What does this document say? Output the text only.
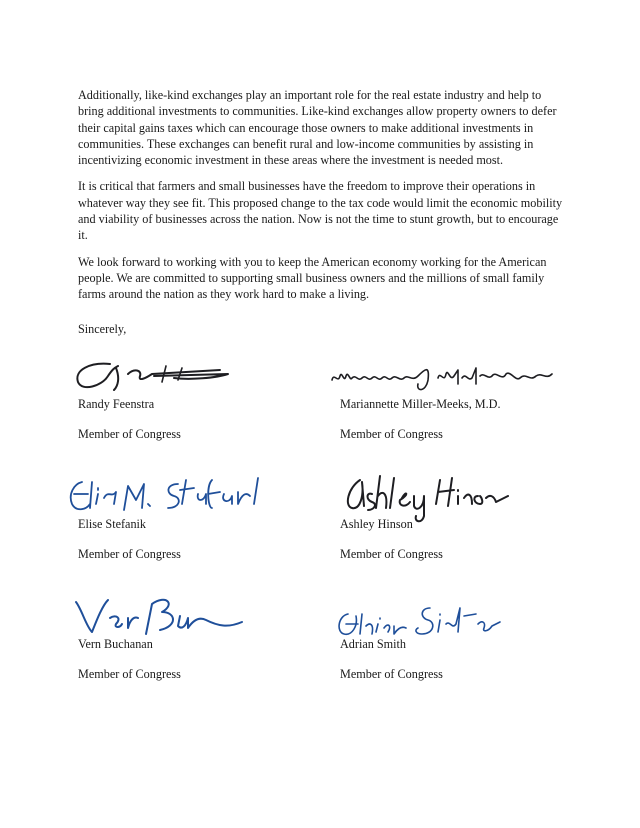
Additionally, like-kind exchanges play an important role for the real estate industry and help to bring additional investments to communities. Like-kind exchanges allow property owners to defer their capital gains taxes which can encourage those owners to make additional investments in communities. These exchanges can benefit rural and low-income communities by assisting in incentivizing economic investment in these areas where the investment is needed most.

It is critical that farmers and small businesses have the freedom to improve their operations in whatever way they see fit. This proposed change to the tax code would limit the economic mobility and viability of businesses across the nation. Now is not the time to stunt growth, but to encourage it.

We look forward to working with you to keep the American economy working for the American people. We are committed to supporting small business owners and the millions of small family farms around the nation as they work hard to make a living.

Sincerely,
Randy Feenstra
Member of Congress
Mariannette Miller-Meeks, M.D.
Member of Congress
Elise Stefanik
Member of Congress
Ashley Hinson
Member of Congress
Vern Buchanan
Member of Congress
Adrian Smith
Member of Congress
